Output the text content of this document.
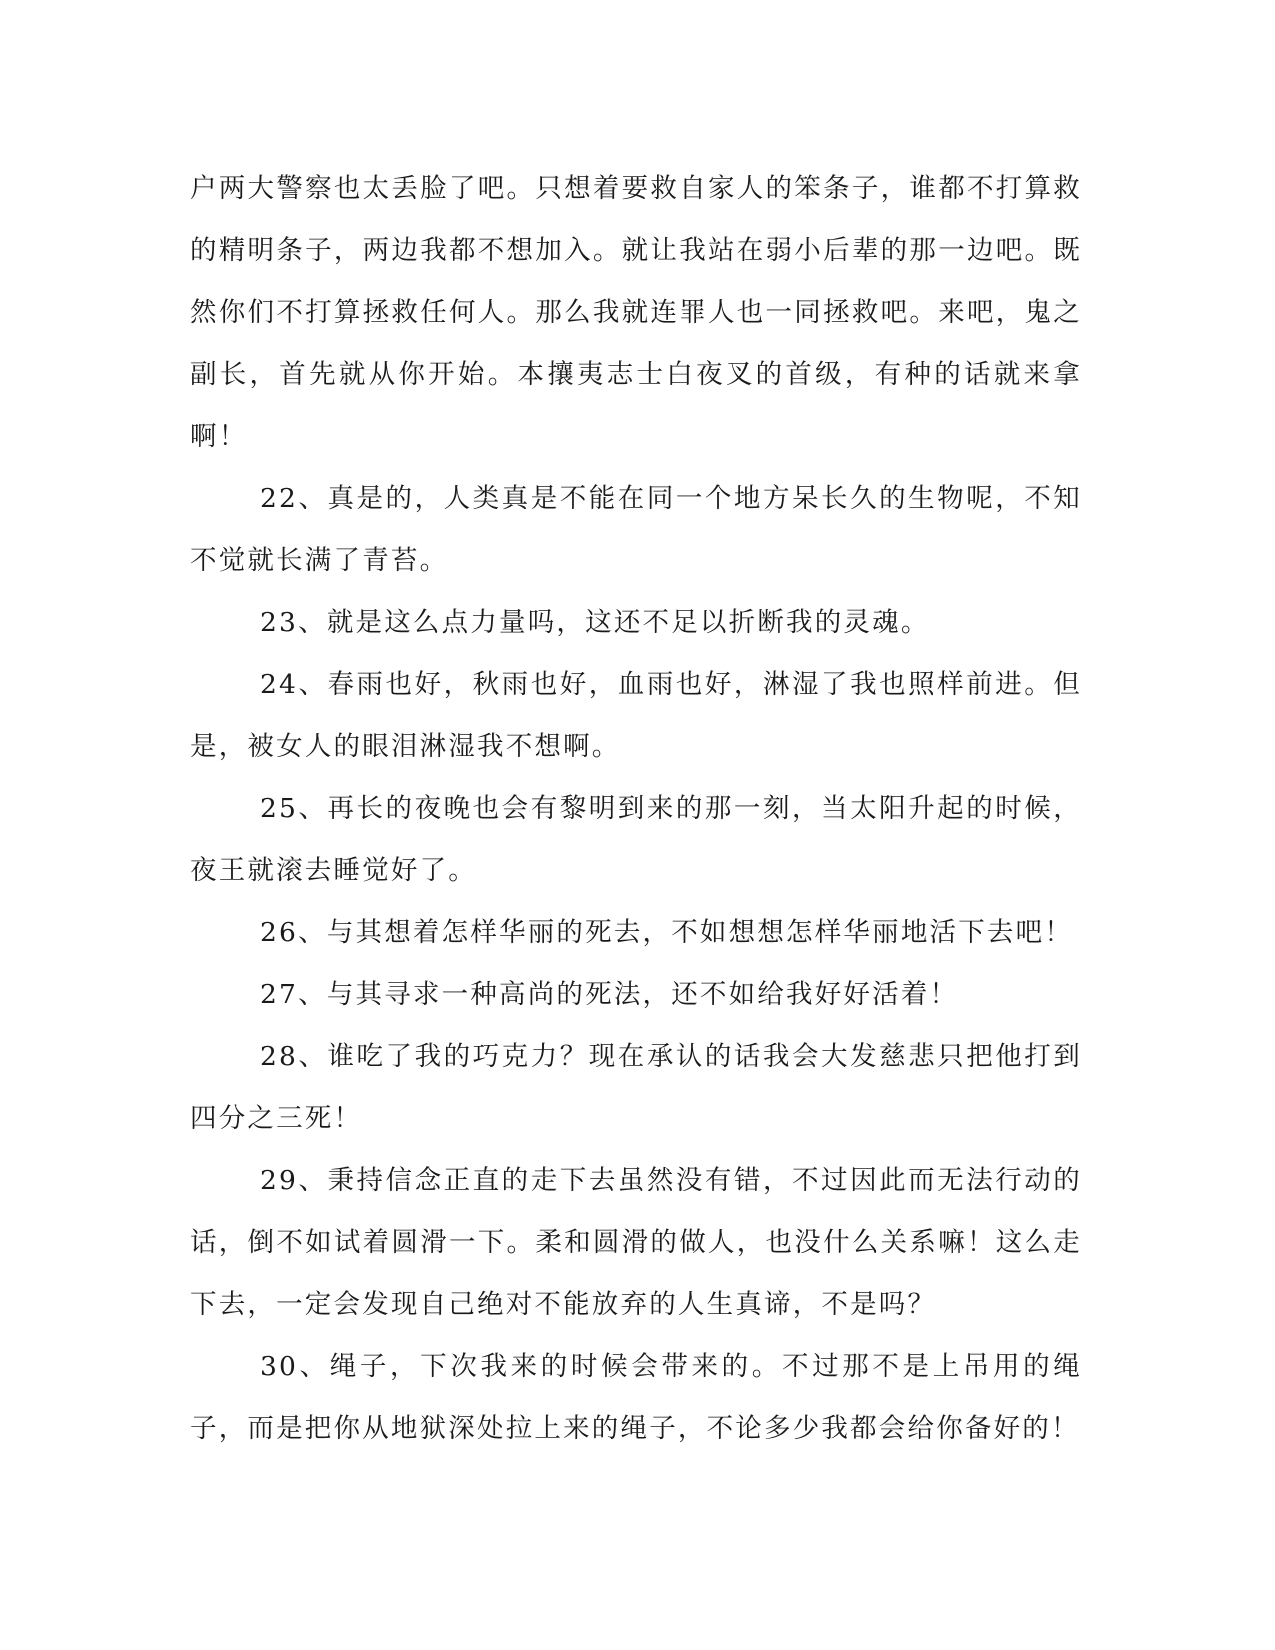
户两大警察也太丢脸了吧。只想着要救自家人的笨条子，谁都不打算救的精明条子，两边我都不想加入。就让我站在弱小后辈的那一边吧。既然你们不打算拯救任何人。那么我就连罪人也一同拯救吧。来吧，鬼之副长，首先就从你开始。本攘夷志士白夜叉的首级，有种的话就来拿啊！

22、真是的，人类真是不能在同一个地方呆长久的生物呢，不知不觉就长满了青苔。

23、就是这么点力量吗，这还不足以折断我的灵魂。

24、春雨也好，秋雨也好，血雨也好，淋湿了我也照样前进。但是，被女人的眼泪淋湿我不想啊。

25、再长的夜晚也会有黎明到来的那一刻，当太阳升起的时候，夜王就滚去睡觉好了。

26、与其想着怎样华丽的死去，不如想想怎样华丽地活下去吧！

27、与其寻求一种高尚的死法，还不如给我好好活着！

28、谁吃了我的巧克力？现在承认的话我会大发慈悲只把他打到四分之三死！

29、秉持信念正直的走下去虽然没有错，不过因此而无法行动的话，倒不如试着圆滑一下。柔和圆滑的做人，也没什么关系嘛！这么走下去，一定会发现自己绝对不能放弃的人生真谛，不是吗？

30、绳子，下次我来的时候会带来的。不过那不是上吊用的绳子，而是把你从地狱深处拉上来的绳子，不论多少我都会给你备好的！
